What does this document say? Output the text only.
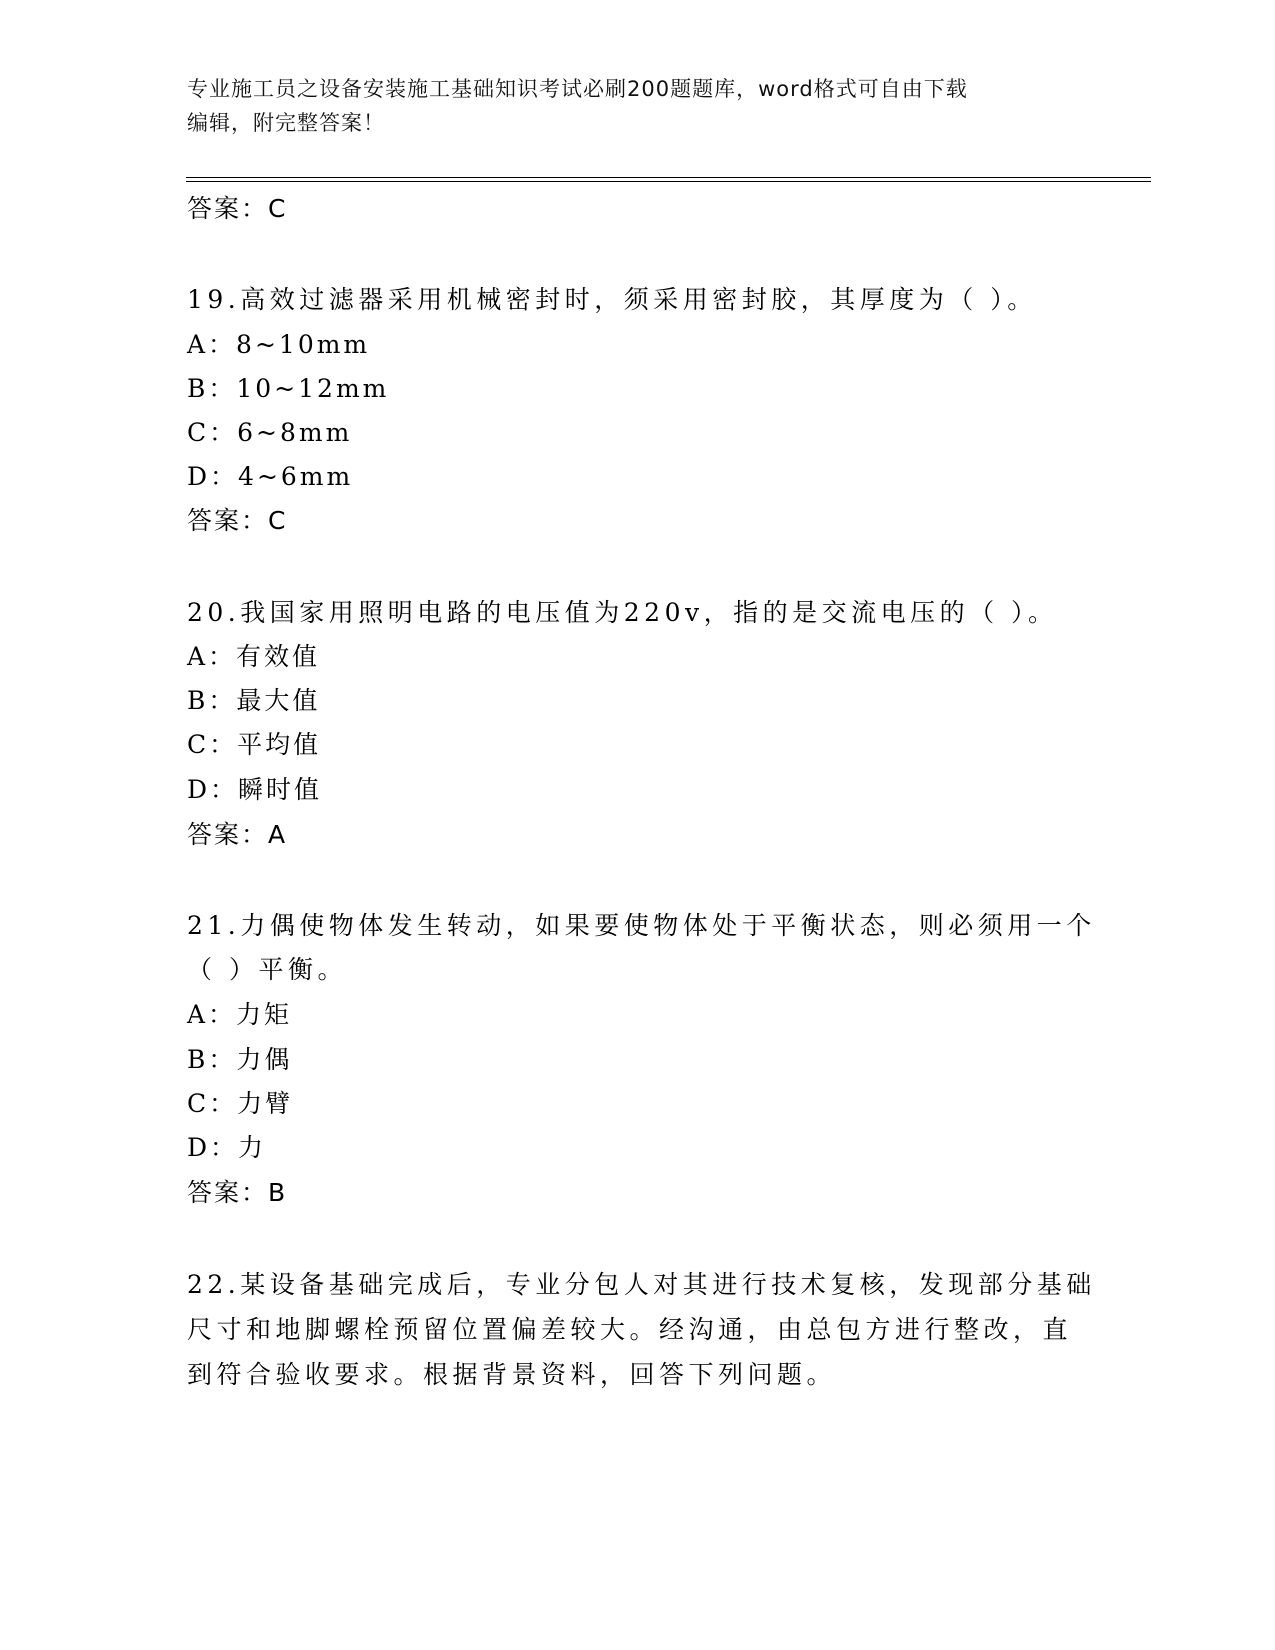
专业施工员之设备安装施工基础知识考试必刷200题题库，word格式可自由下载
编辑，附完整答案！
答案：C
19.高效过滤器采用机械密封时，须采用密封胶，其厚度为（ ）。
A：8~10mm
B：10~12mm
C：6~8mm
D：4~6mm
答案：C
20.我国家用照明电路的电压值为220v，指的是交流电压的（ ）。
A：有效值
B：最大值
C：平均值
D：瞬时值
答案：A
21.力偶使物体发生转动，如果要使物体处于平衡状态，则必须用一个
（ ）平衡。
A：力矩
B：力偶
C：力臂
D：力
答案：B
22.某设备基础完成后，专业分包人对其进行技术复核，发现部分基础
尺寸和地脚螺栓预留位置偏差较大。经沟通，由总包方进行整改，直
到符合验收要求。根据背景资料，回答下列问题。
